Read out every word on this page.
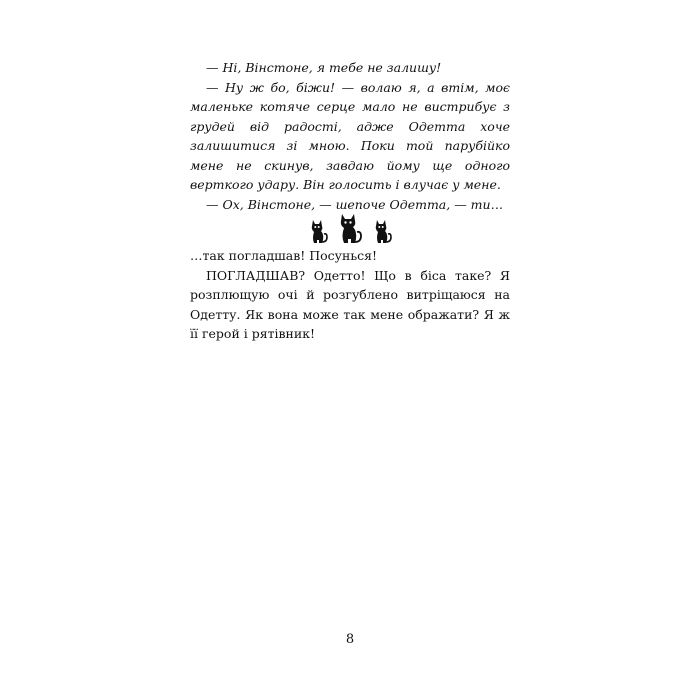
— Ні, Вінстоне, я тебе не залишу!

— Ну ж бо, біжи! — волаю я, а втім, моє маленьке котяче серце мало не вистрибує з грудей від радості, адже Одетта хоче залишитися зі мною. Поки той парубійко мене не скинув, завдаю йому ще одного верткого удару. Він голосить і влучає у мене.

— Ох, Вінстоне, — шепоче Одетта, — ти…

…так погладшав! Посунься!

ПОГЛАДШАВ? Одетто! Що в біса таке? Я розплющую очі й розгублено витріщаюся на Одетту. Як вона може так мене ображати? Я ж її герой і рятівник!

8
